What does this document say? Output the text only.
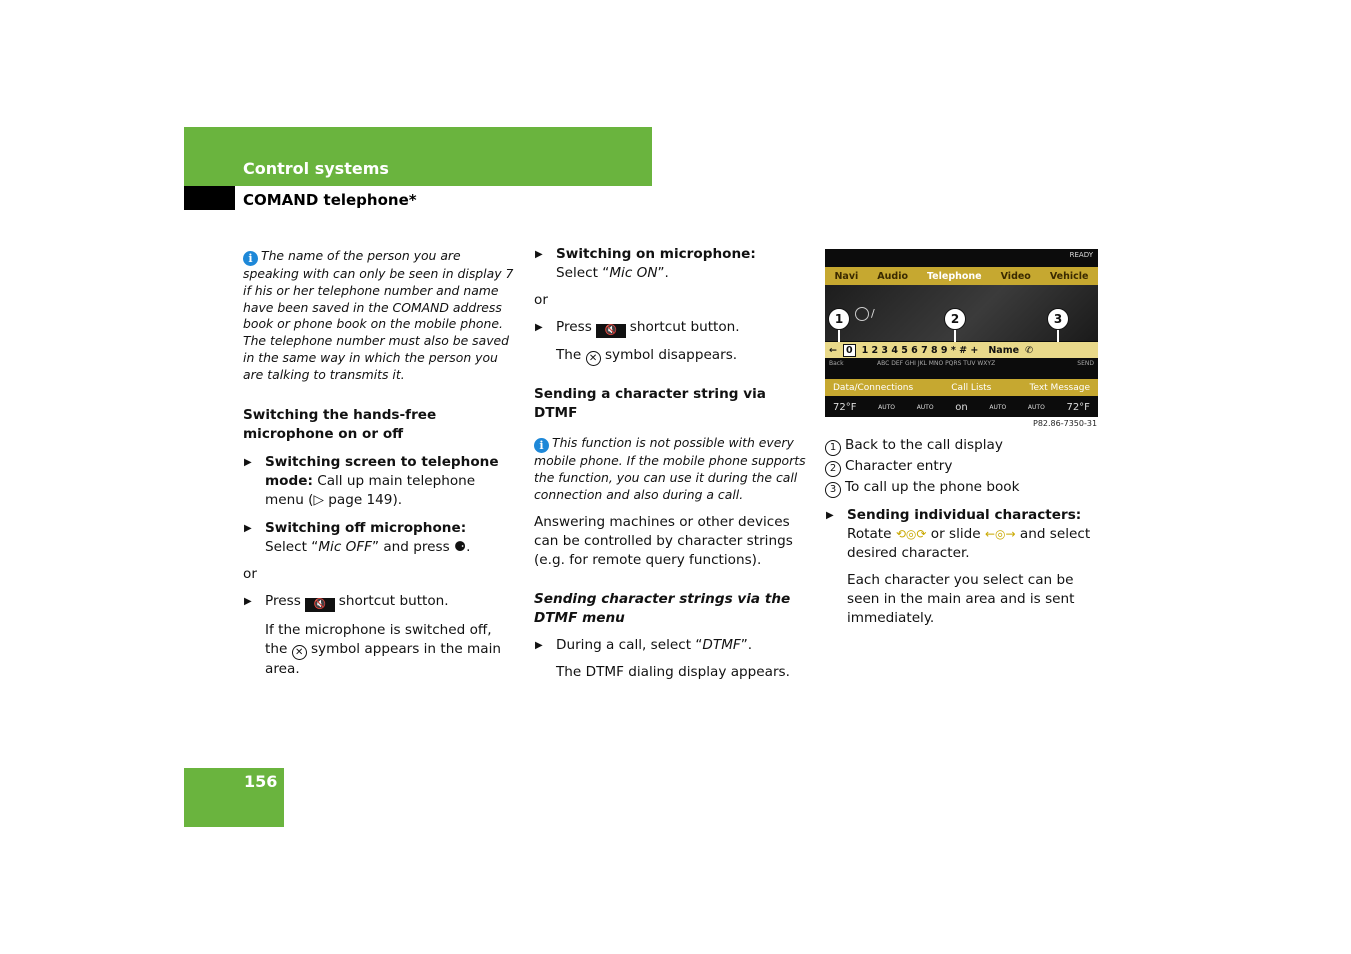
Control systems
COMAND telephone*

i The name of the person you are speaking with can only be seen in display 7 if his or her telephone number and name have been saved in the COMAND address book or phone book on the mobile phone. The telephone number must also be saved in the same way in which the person you are talking to transmits it.

Switching the hands-free microphone on or off

▶ Switching screen to telephone mode: Call up main telephone menu (▷ page 149).

▶ Switching off microphone:
Select “Mic OFF” and press ⚈.

or

▶ Press 🔇 shortcut button.

If the microphone is switched off, the ✕ symbol appears in the main area.

▶ Switching on microphone:
Select “Mic ON”.

or

▶ Press 🔇 shortcut button.

The ✕ symbol disappears.

Sending a character string via DTMF

i This function is not possible with every mobile phone. If the mobile phone supports the function, you can use it during the call connection and also during a call.

Answering machines or other devices can be controlled by character strings (e.g. for remote query functions).

Sending character strings via the DTMF menu

▶ During a call, select “DTMF”.

The DTMF dialing display appears.

READY
Navi Audio Telephone Video Vehicle
/
1	2	3
← 0 1 2 3 4 5 6 7 8 9 * # + Name ✆
Back	ABC DEF GHI JKL MNO PQRS TUV WXYZ	SEND
Data/Connections	Call Lists	Text Message
72°F	AUTO	AUTO on	AUTO	AUTO 72°F
P82.86-7350-31

1 Back to the call display

2 Character entry

3 To call up the phone book

▶ Sending individual characters:
Rotate ⟲◎⟳ or slide ←◎→ and select desired character.

Each character you select can be seen in the main area and is sent immediately.

156
